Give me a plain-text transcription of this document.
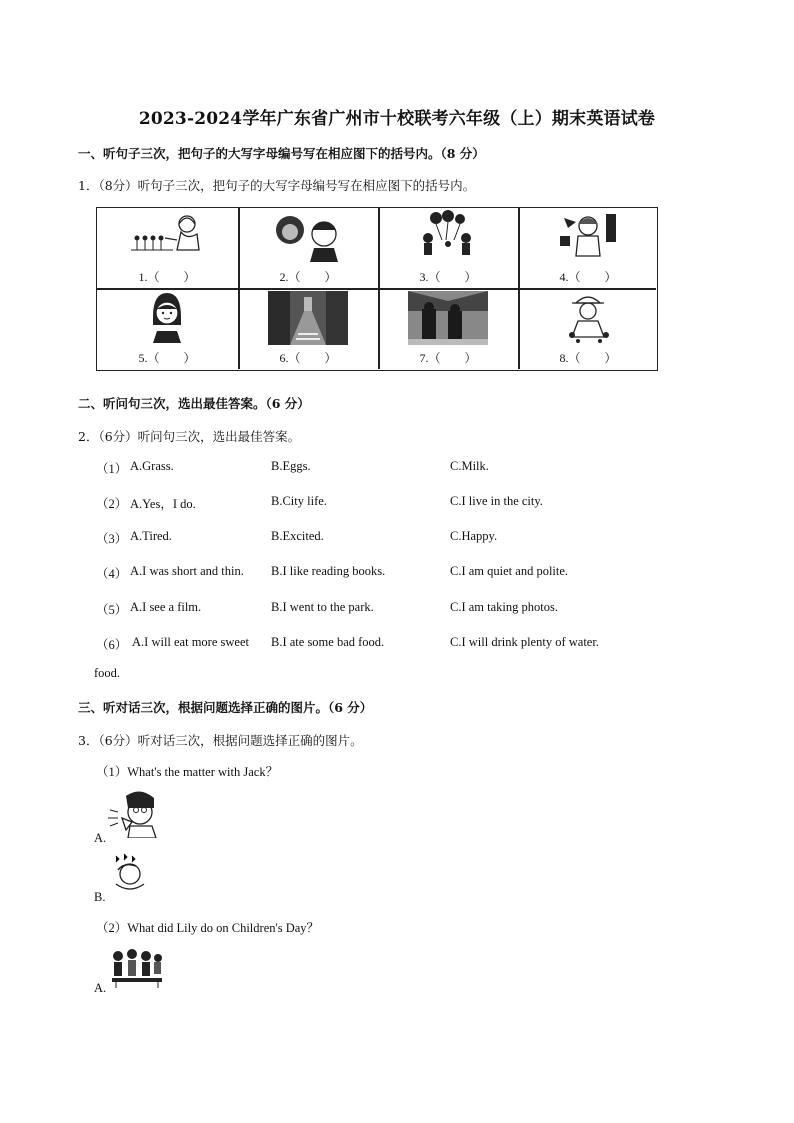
2023-2024学年广东省广州市十校联考六年级（上）期末英语试卷
一、听句子三次，把句子的大写字母编号写在相应图下的括号内。（8 分）
1．（8分）听句子三次，把句子的大写字母编号写在相应图下的括号内。
1.（　　）	2.（　　）	3.（　　）	4.（　　）
5.（　　）	6.（　　）	7.（　　）	8.（　　）
二、听问句三次，选出最佳答案。（6 分）
2．（6分）听问句三次，选出最佳答案。
（1） A.Grass.	B.Eggs.	C.Milk.
（2） A.Yes，I do.	B.City life.	C.I live in the city.
（3） A.Tired.	B.Excited.	C.Happy.
（4） A.I was short and thin. B.I like reading books.	C.I am quiet and polite.
（5） A.I see a film.	B.I went to the park.	C.I am taking photos.
（6） A.I will eat more sweet B.I ate some bad food.	C.I will drink plenty of water.
food.
三、听对话三次，根据问题选择正确的图片。（6 分）
3．（6分）听对话三次，根据问题选择正确的图片。
（1）What's the matter with Jack？
A.
B.
（2）What did Lily do on Children's Day？
A.
